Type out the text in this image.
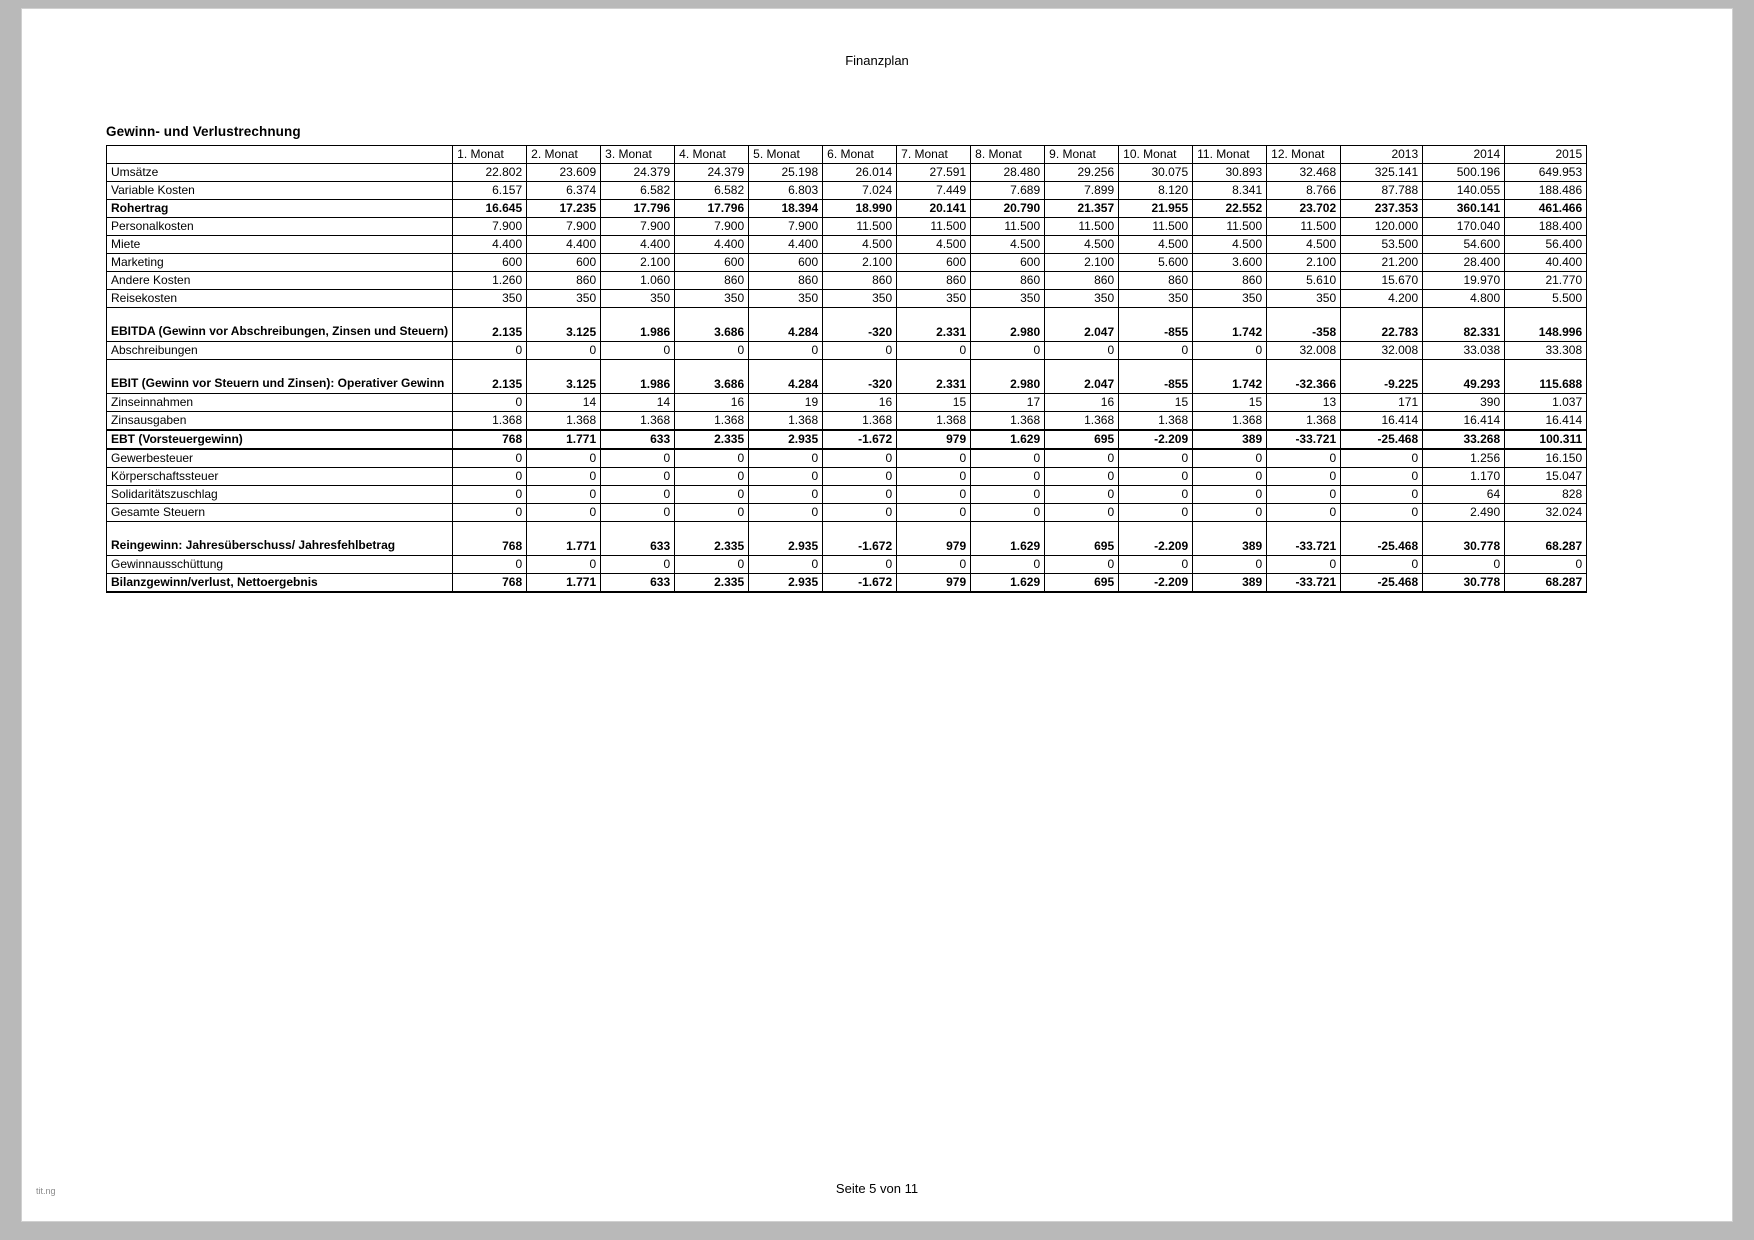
Finanzplan
Gewinn- und Verlustrechnung
	1. Monat	2. Monat	3. Monat	4. Monat	5. Monat	6. Monat	7. Monat	8. Monat	9. Monat	10. Monat	11. Monat	12. Monat	2013	2014	2015
Umsätze	22.802	23.609	24.379	24.379	25.198	26.014	27.591	28.480	29.256	30.075	30.893	32.468	325.141	500.196	649.953
Variable Kosten	6.157	6.374	6.582	6.582	6.803	7.024	7.449	7.689	7.899	8.120	8.341	8.766	87.788	140.055	188.486
Rohertrag	16.645	17.235	17.796	17.796	18.394	18.990	20.141	20.790	21.357	21.955	22.552	23.702	237.353	360.141	461.466
Personalkosten	7.900	7.900	7.900	7.900	7.900	11.500	11.500	11.500	11.500	11.500	11.500	11.500	120.000	170.040	188.400
Miete	4.400	4.400	4.400	4.400	4.400	4.500	4.500	4.500	4.500	4.500	4.500	4.500	53.500	54.600	56.400
Marketing	600	600	2.100	600	600	2.100	600	600	2.100	5.600	3.600	2.100	21.200	28.400	40.400
Andere Kosten	1.260	860	1.060	860	860	860	860	860	860	860	860	5.610	15.670	19.970	21.770
Reisekosten	350	350	350	350	350	350	350	350	350	350	350	350	4.200	4.800	5.500
EBITDA (Gewinn vor Abschreibungen, Zinsen und Steuern)	2.135	3.125	1.986	3.686	4.284	-320	2.331	2.980	2.047	-855	1.742	-358	22.783	82.331	148.996
Abschreibungen	0	0	0	0	0	0	0	0	0	0	0	32.008	32.008	33.038	33.308
EBIT (Gewinn vor Steuern und Zinsen): Operativer Gewinn	2.135	3.125	1.986	3.686	4.284	-320	2.331	2.980	2.047	-855	1.742	-32.366	-9.225	49.293	115.688
Zinseinnahmen	0	14	14	16	19	16	15	17	16	15	15	13	171	390	1.037
Zinsausgaben	1.368	1.368	1.368	1.368	1.368	1.368	1.368	1.368	1.368	1.368	1.368	1.368	16.414	16.414	16.414
EBT (Vorsteuergewinn)	768	1.771	633	2.335	2.935	-1.672	979	1.629	695	-2.209	389	-33.721	-25.468	33.268	100.311
Gewerbesteuer	0	0	0	0	0	0	0	0	0	0	0	0	0	1.256	16.150
Körperschaftssteuer	0	0	0	0	0	0	0	0	0	0	0	0	0	1.170	15.047
Solidaritätszuschlag	0	0	0	0	0	0	0	0	0	0	0	0	0	64	828
Gesamte Steuern	0	0	0	0	0	0	0	0	0	0	0	0	0	2.490	32.024
Reingewinn: Jahresüberschuss/ Jahresfehlbetrag	768	1.771	633	2.335	2.935	-1.672	979	1.629	695	-2.209	389	-33.721	-25.468	30.778	68.287
Gewinnausschüttung	0	0	0	0	0	0	0	0	0	0	0	0	0	0	0
Bilanzgewinn/verlust, Nettoergebnis	768	1.771	633	2.335	2.935	-1.672	979	1.629	695	-2.209	389	-33.721	-25.468	30.778	68.287
Seite 5 von 11
tit.ng
